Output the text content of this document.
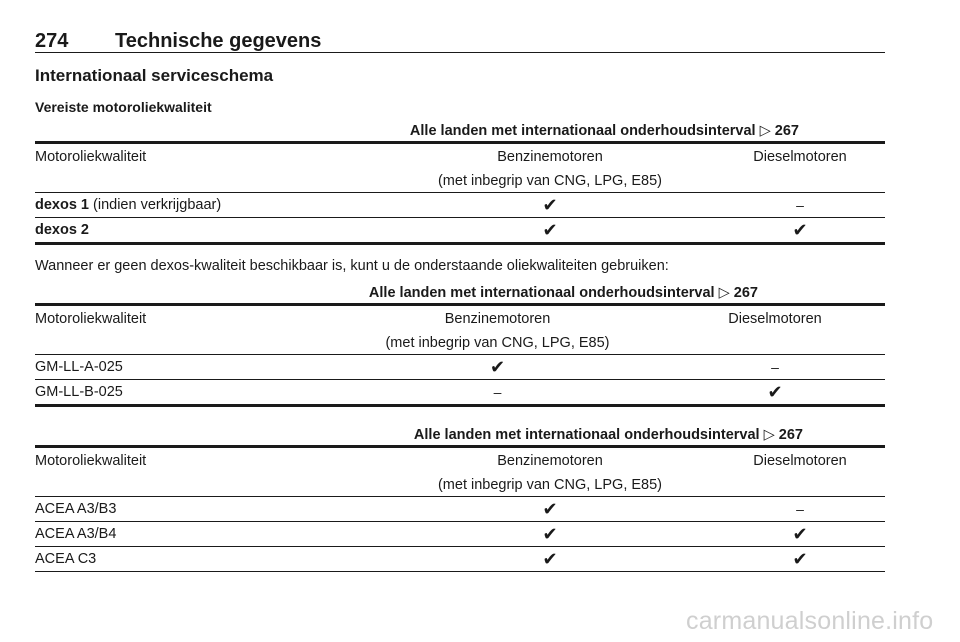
274 Technische gegevens
Internationaal serviceschema
Vereiste motoroliekwaliteit
	Alle landen met internationaal onderhoudsinterval ▷ 267	
Motoroliekwaliteit	Benzinemotoren	Dieselmotoren
	(met inbegrip van CNG, LPG, E85)	
dexos 1 (indien verkrijgbaar)	✔	–
dexos 2	✔	✔
Wanneer er geen dexos-kwaliteit beschikbaar is, kunt u de onderstaande oliekwaliteiten gebruiken:
	Alle landen met internationaal onderhoudsinterval ▷ 267	
Motoroliekwaliteit	Benzinemotoren	Dieselmotoren
	(met inbegrip van CNG, LPG, E85)	
GM-LL-A-025	✔	–
GM-LL-B-025	–	✔
	Alle landen met internationaal onderhoudsinterval ▷ 267	
Motoroliekwaliteit	Benzinemotoren	Dieselmotoren
	(met inbegrip van CNG, LPG, E85)	
ACEA A3/B3	✔	–
ACEA A3/B4	✔	✔
ACEA C3	✔	✔
carmanualsonline.info
